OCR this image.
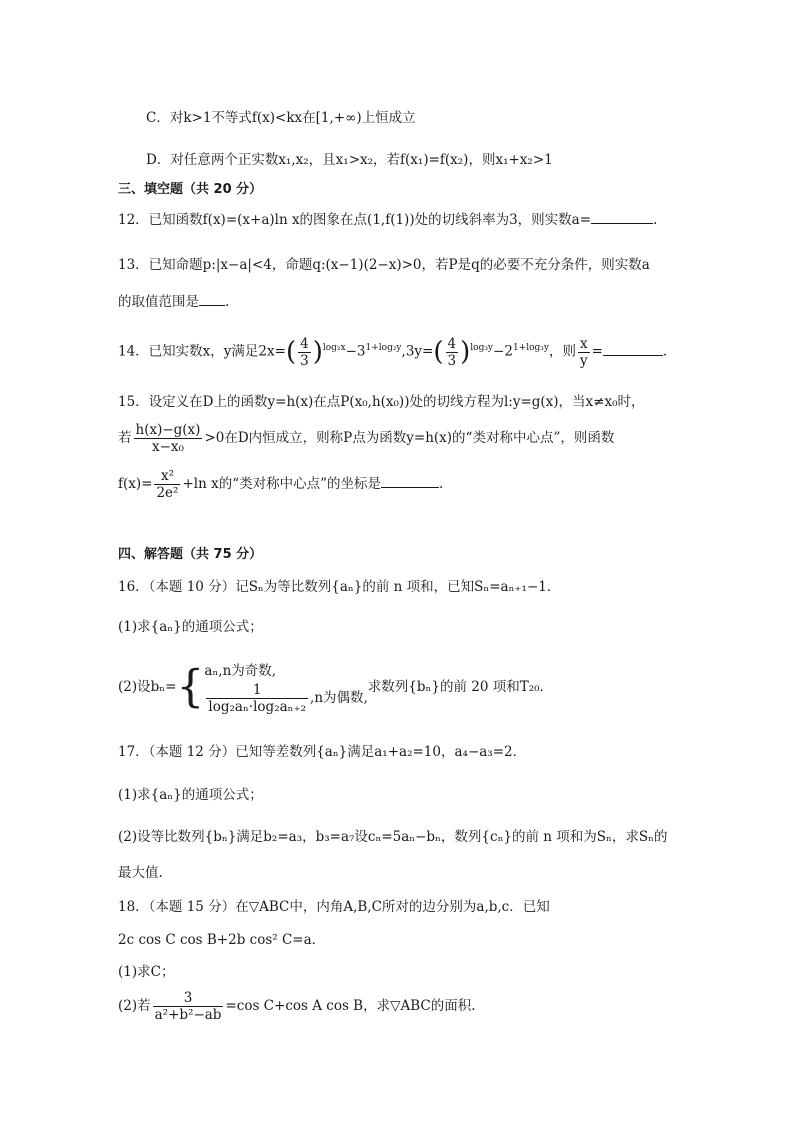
C．对k>1不等式f(x)<kx在[1,+∞)上恒成立
D．对任意两个正实数x₁,x₂，且x₁>x₂，若f(x₁)=f(x₂)，则x₁+x₂>1
三、填空题（共 20 分）
12．已知函数f(x)=(x+a)ln x的图象在点(1,f(1))处的切线斜率为3，则实数a=	.
13．已知命题p:|x−a|<4，命题q:(x−1)(2−x)>0，若P是q的必要不充分条件，则实数a
的取值范围是 .
14．已知实数x，y满足$2x=( \frac{4}{3} )^{log_2x}-3^{1+log_2y},3y=( \frac{4}{3} )^{log_3y}-2^{1+log_3y}$，则 $\frac{x}{y}$ =	.
15．设定义在D上的函数y=h(x)在点P(x₀,h(x₀))处的切线方程为l:y=g(x)，当x≠x₀时，
若 $\frac{h(x)-g(x)}{\text{x−x₀}} >0$在D内恒成立，则称P点为函数y=h(x)的“类对称中心点”，则函数
$f(x)= \frac{\text{x²}}{\text{2e²}} +\ln$ x的“类对称中心点”的坐标是	.
四、解答题（共 75 分）
16．（本题 10 分）记Sₙ为等比数列{aₙ}的前 n 项和，已知Sₙ=aₙ₊₁−1．
(1)求{aₙ}的通项公式；
(2)设bₙ={ aₙ,n为奇数,
$\frac{1}{\text{log₂aₙ·log₂aₙ₊₂}} ,n$为偶数,
求数列{bₙ}的前 20 项和T₂₀．
17．（本题 12 分）已知等差数列{aₙ}满足a₁+a₂=10，a₄−a₃=2．
(1)求{aₙ}的通项公式；
(2)设等比数列{bₙ}满足b₂=a₃，b₃=a₇设cₙ=5aₙ−bₙ，数列{cₙ}的前 n 项和为Sₙ，求Sₙ的
最大值.
18．（本题 15 分）在▽ABC中，内角A,B,C所对的边分别为a,b,c．已知
2c cos C cos B+2b cos² C=a．
(1)求C；
(2)若 $\frac{3}{\text{a²+b²−ab}} =\cos$ C+cos A cos B，求▽ABC的面积.
